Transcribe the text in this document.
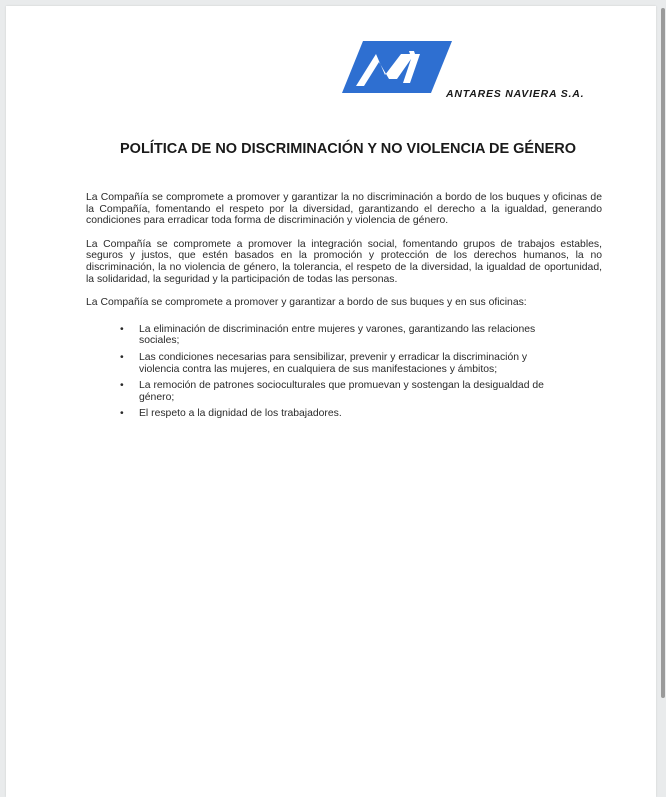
ANTARES NAVIERA S.A.
POLÍTICA DE NO DISCRIMINACIÓN Y NO VIOLENCIA DE GÉNERO

La Compañía se compromete a promover y garantizar la no discriminación a bordo de los buques y oficinas de la Compañía, fomentando el respeto por la diversidad, garantizando el derecho a la igualdad, generando condiciones para erradicar toda forma de discriminación y violencia de género.

La Compañía se compromete a promover la integración social, fomentando grupos de trabajos estables, seguros y justos, que estén basados en la promoción y protección de los derechos humanos, la no discriminación, la no violencia de género, la tolerancia, el respeto de la diversidad, la igualdad de oportunidad, la solidaridad, la seguridad y la participación de todas las personas.

La Compañía se compromete a promover y garantizar a bordo de sus buques y en sus oficinas:

• La eliminación de discriminación entre mujeres y varones, garantizando las relaciones sociales;
• Las condiciones necesarias para sensibilizar, prevenir y erradicar la discriminación y violencia contra las mujeres, en cualquiera de sus manifestaciones y ámbitos;
• La remoción de patrones socioculturales que promuevan y sostengan la desigualdad de género;
• El respeto a la dignidad de los trabajadores.
